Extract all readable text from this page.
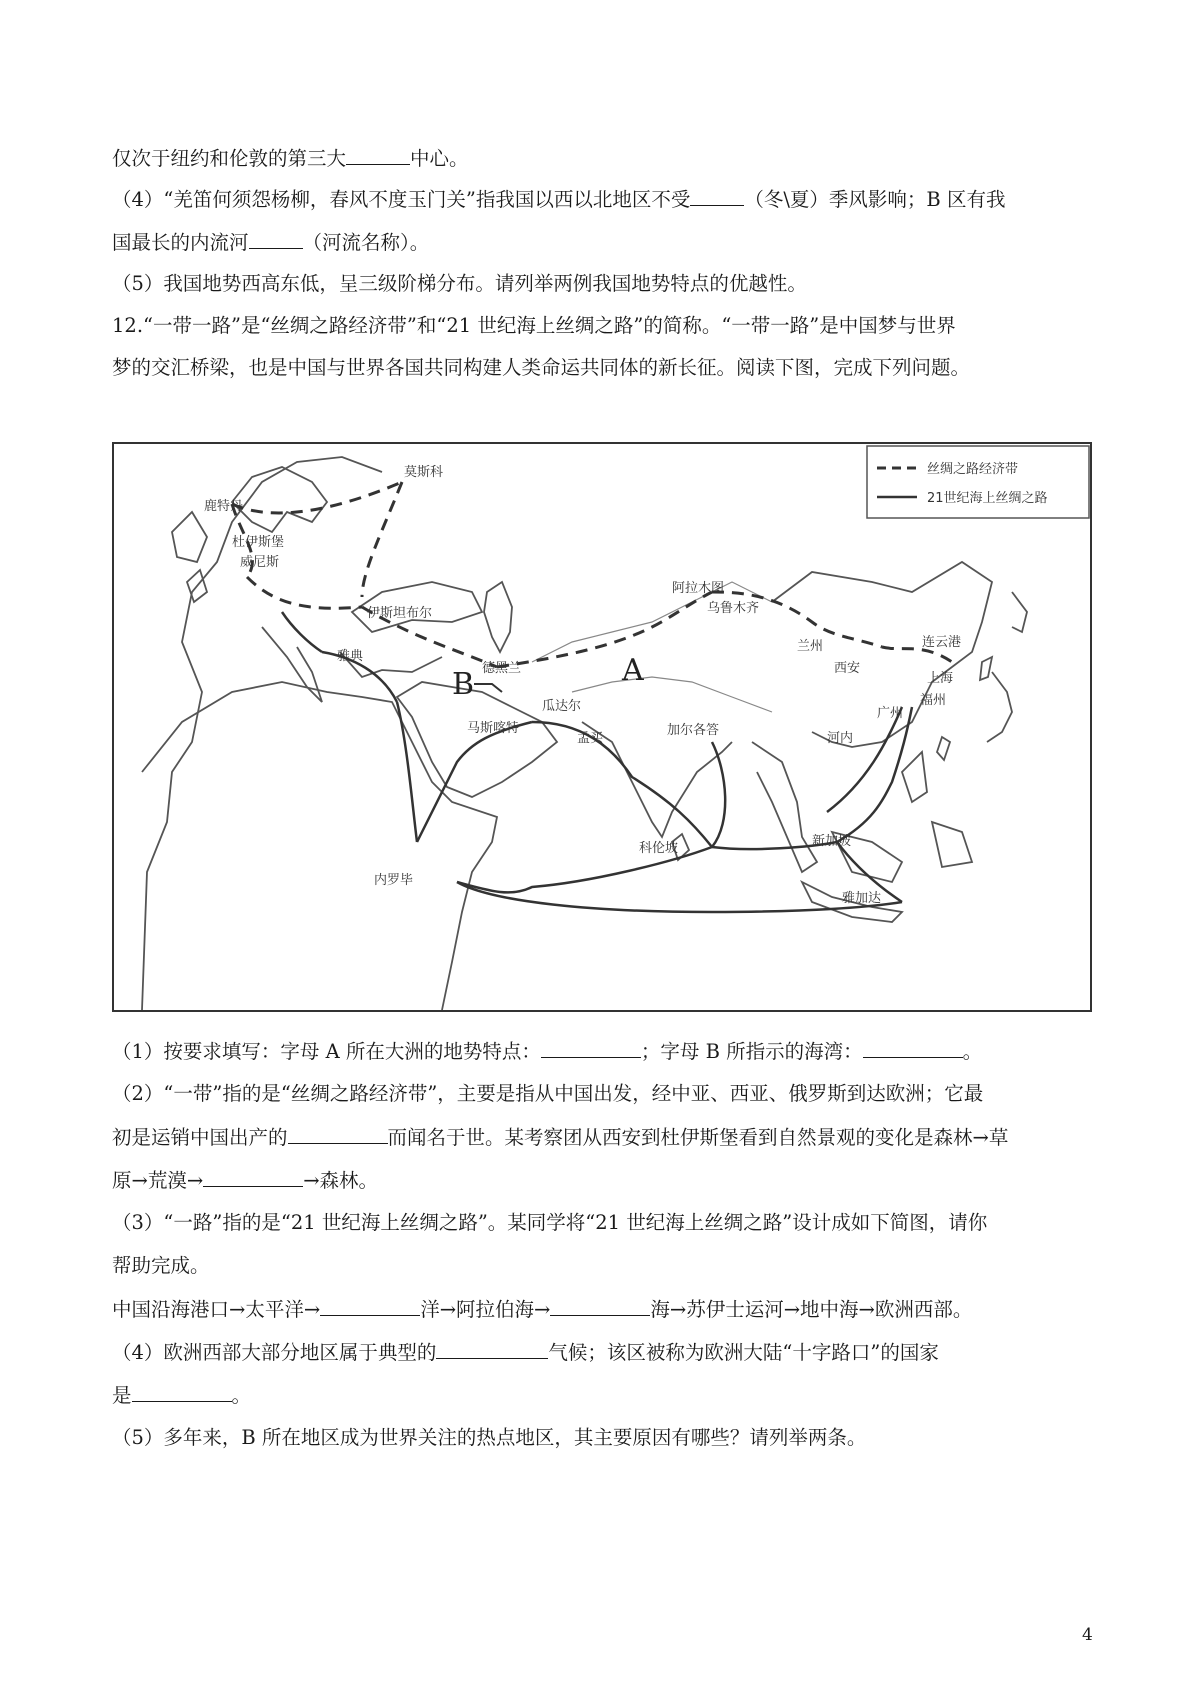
仅次于纽约和伦敦的第三大	中心。
（4）“羌笛何须怨杨柳，春风不度玉门关”指我国以西以北地区不受	（冬\夏）季风影响；B 区有我
国最长的内流河	（河流名称）。
（5）我国地势西高东低，呈三级阶梯分布。请列举两例我国地势特点的优越性。
12.“一带一路”是“丝绸之路经济带”和“21 世纪海上丝绸之路”的简称。“一带一路”是中国梦与世界
梦的交汇桥梁，也是中国与世界各国共同构建人类命运共同体的新长征。阅读下图，完成下列问题。
丝绸之路经济带
21世纪海上丝绸之路
A
B
鹿特丹
莫斯科
杜伊斯堡
威尼斯
伊斯坦布尔
雅典
德黑兰
阿拉木图
乌鲁木齐
兰州
西安
连云港
上海
福州
广州
河内
瓜达尔
马斯喀特
孟买
加尔各答
科伦坡	新加坡
雅加达
内罗毕
（1）按要求填写：字母 A 所在大洲的地势特点：	；字母 B 所指示的海湾：	。
（2）“一带”指的是“丝绸之路经济带”，主要是指从中国出发，经中亚、西亚、俄罗斯到达欧洲；它最
初是运销中国出产的	而闻名于世。某考察团从西安到杜伊斯堡看到自然景观的变化是森林→草
原→荒漠→	→森林。
（3）“一路”指的是“21 世纪海上丝绸之路”。某同学将“21 世纪海上丝绸之路”设计成如下简图，请你
帮助完成。
中国沿海港口→太平洋→	洋→阿拉伯海→	海→苏伊士运河→地中海→欧洲西部。
（4）欧洲西部大部分地区属于典型的	气候；该区被称为欧洲大陆“十字路口”的国家
是	。
（5）多年来，B 所在地区成为世界关注的热点地区，其主要原因有哪些？请列举两条。
4
